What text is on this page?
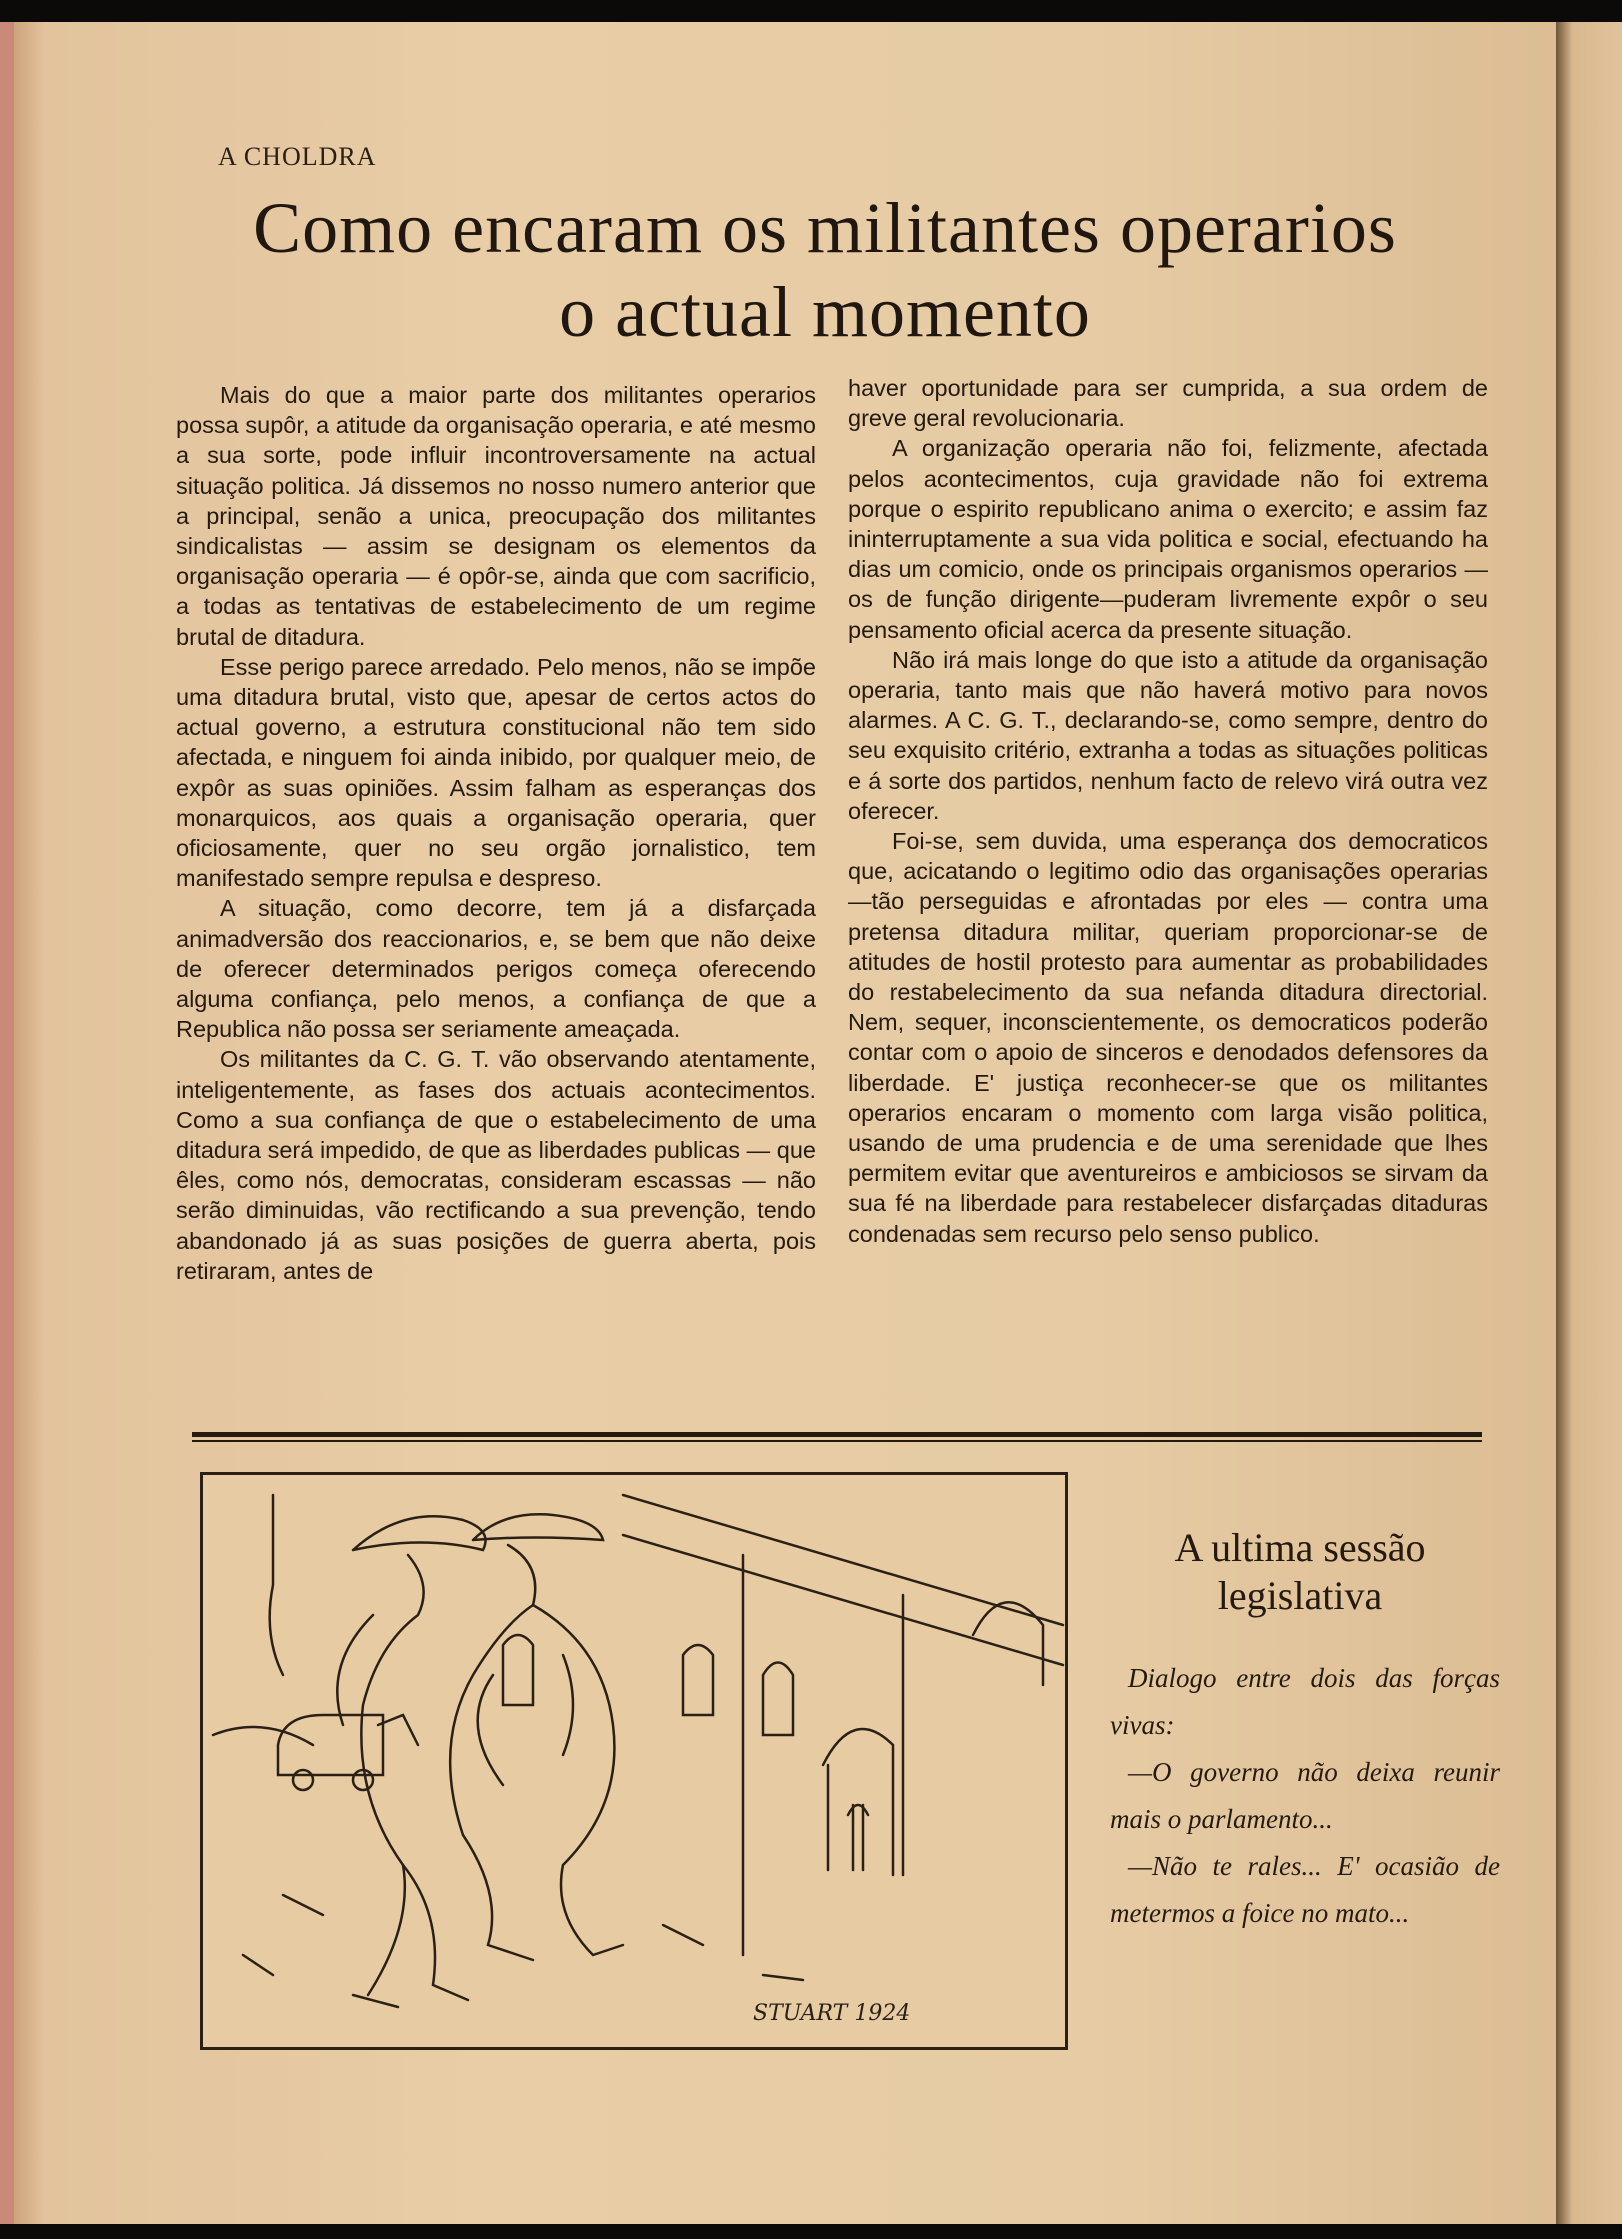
A CHOLDRA
Como encaram os militantes operarios
o actual momento

Mais do que a maior parte dos militantes operarios possa supôr, a atitude da organisação operaria, e até mesmo a sua sorte, pode influir incontroversamente na actual situação politica. Já dissemos no nosso numero anterior que a principal, senão a unica, preocupação dos militantes sindicalistas — assim se designam os elementos da organisação operaria — é opôr-se, ainda que com sacrificio, a todas as tentativas de estabelecimento de um regime brutal de ditadura.

Esse perigo parece arredado. Pelo menos, não se impõe uma ditadura brutal, visto que, apesar de certos actos do actual governo, a estrutura constitucional não tem sido afectada, e ninguem foi ainda inibido, por qualquer meio, de expôr as suas opiniões. Assim falham as esperanças dos monarquicos, aos quais a organisação operaria, quer oficiosamente, quer no seu orgão jornalistico, tem manifestado sempre repulsa e despreso.

A situação, como decorre, tem já a disfarçada animadversão dos reaccionarios, e, se bem que não deixe de oferecer determinados perigos começa oferecendo alguma confiança, pelo menos, a confiança de que a Republica não possa ser seriamente ameaçada.

Os militantes da C. G. T. vão observando atentamente, inteligentemente, as fases dos actuais acontecimentos. Como a sua confiança de que o estabelecimento de uma ditadura será impedido, de que as liberdades publicas — que êles, como nós, democratas, consideram escassas — não serão diminuidas, vão rectificando a sua prevenção, tendo abandonado já as suas posições de guerra aberta, pois retiraram, antes de

haver oportunidade para ser cumprida, a sua ordem de greve geral revolucionaria.

A organização operaria não foi, felizmente, afectada pelos acontecimentos, cuja gravidade não foi extrema porque o espirito republicano anima o exercito; e assim faz ininterruptamente a sua vida politica e social, efectuando ha dias um comicio, onde os principais organismos operarios — os de função dirigente—puderam livremente expôr o seu pensamento oficial acerca da presente situação.

Não irá mais longe do que isto a atitude da organisação operaria, tanto mais que não haverá motivo para novos alarmes. A C. G. T., declarando-se, como sempre, dentro do seu exquisito critério, extranha a todas as situações politicas e á sorte dos partidos, nenhum facto de relevo virá outra vez oferecer.

Foi-se, sem duvida, uma esperança dos democraticos que, acicatando o legitimo odio das organisações operarias—tão perseguidas e afrontadas por eles — contra uma pretensa ditadura militar, queriam proporcionar-se de atitudes de hostil protesto para aumentar as probabilidades do restabelecimento da sua nefanda ditadura directorial. Nem, sequer, inconscientemente, os democraticos poderão contar com o apoio de sinceros e denodados defensores da liberdade. E' justiça reconhecer-se que os militantes operarios encaram o momento com larga visão politica, usando de uma prudencia e de uma serenidade que lhes permitem evitar que aventureiros e ambiciosos se sirvam da sua fé na liberdade para restabelecer disfarçadas ditaduras condenadas sem recurso pelo senso publico.

STUART 1924
A ultima sessão
legislativa

Dialogo entre dois das forças vivas:

—O governo não deixa reunir mais o parlamento...

—Não te rales... E' ocasião de metermos a foice no mato...
